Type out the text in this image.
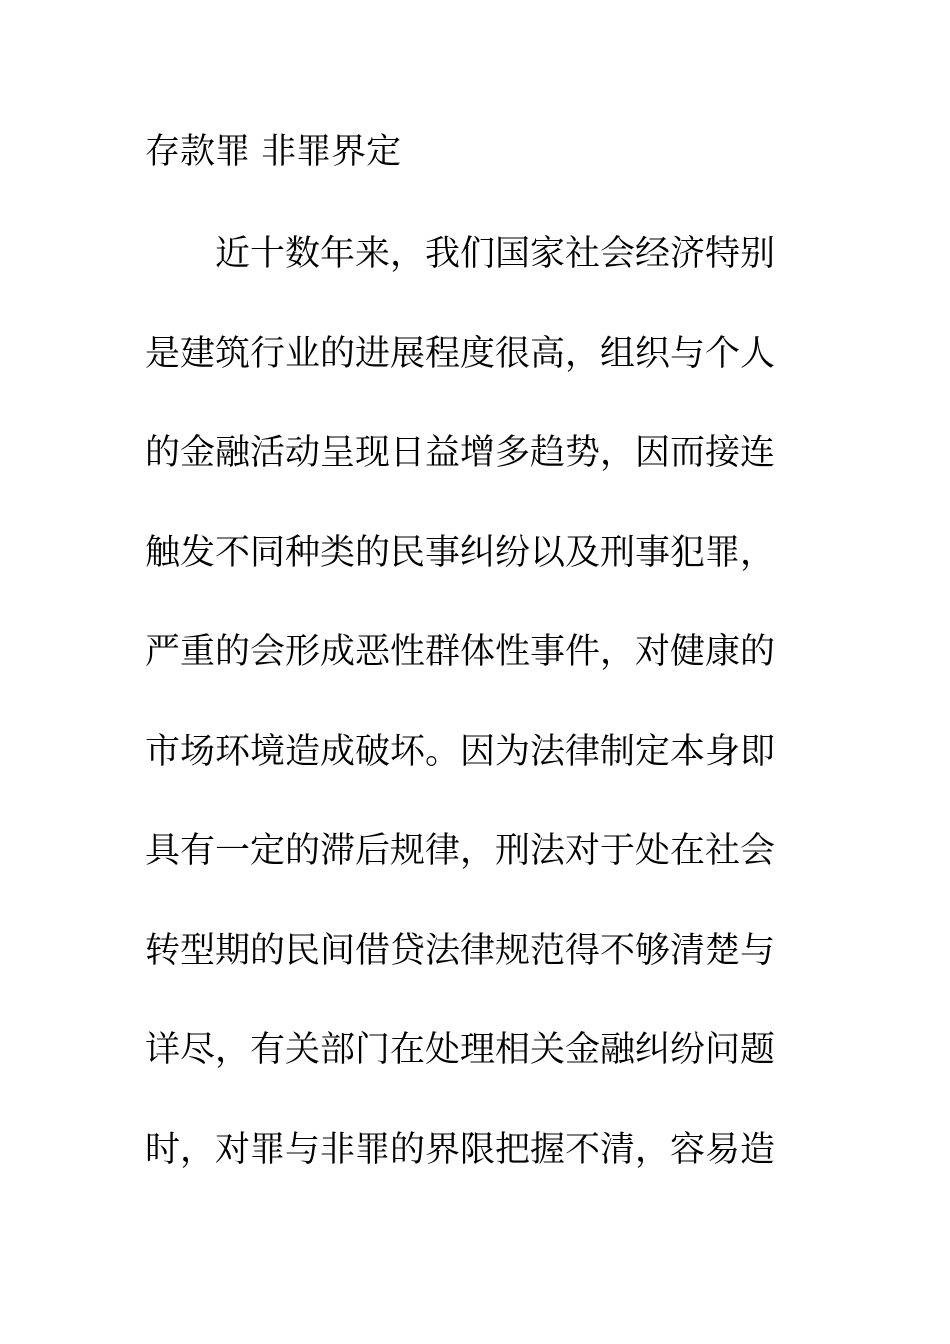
存款罪 非罪界定
近十数年来，我们国家社会经济特别
是建筑行业的进展程度很高，组织与个人
的金融活动呈现日益增多趋势，因而接连
触发不同种类的民事纠纷以及刑事犯罪，
严重的会形成恶性群体性事件，对健康的
市场环境造成破坏。因为法律制定本身即
具有一定的滞后规律，刑法对于处在社会
转型期的民间借贷法律规范得不够清楚与
详尽，有关部门在处理相关金融纠纷问题
时，对罪与非罪的界限把握不清，容易造
